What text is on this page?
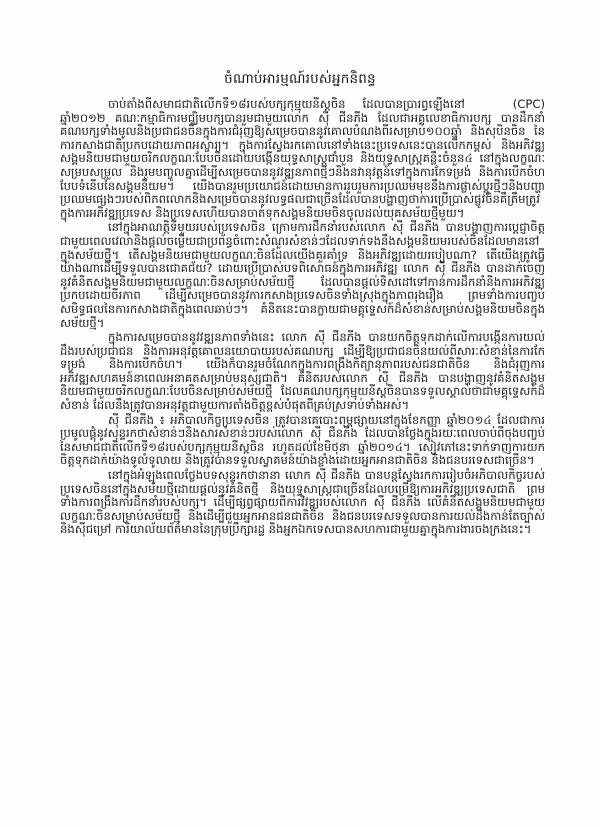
ចំណាប់អារម្មណ៍របស់អ្នកនិពន្ធ

(CPC)
ចាប់តាំងពីសមាជជាតិលើកទី១៨របស់បក្សកុម្មុយនីស្តចិន ដែលបានប្រារព្ធឡើងនៅឆ្នាំ២០១២ គណៈកម្មាធិការមជ្ឈិមបក្សបានរួមជាមួយលោក ស៊ី ជីនភីង ដែលជាអគ្គលេខាធិការបក្ស បានដឹកនាំគណបក្សទាំងមូលនិងប្រជាជនចិនក្នុងការជំរុញឱ្យសម្រេចបាននូវគោលបំណងពីរសម្រាប់១០០ឆ្នាំ និងសុបិនចិន នៃការកសាងជាតិប្រកបដោយភាពអស្ចារ្យ។ ក្នុងការស្វែងរកគោលនៅទាំងនេះប្រទេសនេះបានលើកកម្ពស់ និងអភិវឌ្ឍសង្គមនិយមជាមួយចរិកលក្ខណៈបែបចិនដោយបង្កើនយុទ្ធសាស្ត្រជាំបួន និងយុទ្ធសាស្ត្រគន្លឹះចំនួន៤ នៅក្នុងលក្ខណៈសម្របសម្រួល និងរួមបញ្ចូលគ្នាដើម្បីសម្រេចបាននូវវឌ្ឍនភាពថ្មីៗនិងនវានុវត្តន៍ទៅក្នុងការកែទម្រង់ និងការបើកចំហបែបទំនើបនៃសង្គមនិយម។ យើងបានរួមប្រយោជន៍ដោយមានការរួបរួមការប្រឈមមុខនឹងការផ្លាស់ប្តូរថ្មីៗនិងបញ្ហាប្រឈមផ្សេងៗរបស់ពិភពលោកនិងសម្រេចបាននូវលទ្ធផលជាច្រើនដែលបានបង្ហាញថាការប្រើប្រាស់ផ្លូវចិនគឺត្រឹមត្រូវក្នុងការអភិវឌ្ឍប្រទេស និងប្រទេសហើយបានចាត់ទុកសង្គមនិយមចិនចូលដល់យុគសម័យថ្មីមួយ។

នៅក្នុងអាណត្តិទីមួយរបស់ប្រទេសចិន ក្រោមការដឹកនាំរបស់លោក ស៊ី ជីនភីង បានបង្ហាញការប្តេជ្ញាចិត្តជាមួយពេលវេលានិងផ្តល់ចម្លើយជាប្រព័ន្ធចំពោះសំណួរសំខាន់ៗដែលទាក់ទងនឹងសង្គមនិយមរបស់ចិនដែលមាននៅក្នុងសម័យថ្មី។ តើសង្គមនិយមជាមួយលក្ខណៈចិនដែលយើងគួរគាំទ្រ និងអភិវឌ្ឍដោយរបៀបណា? តើយើងត្រូវធ្វើយ៉ាងណាដើម្បីទទួលបានជោគជ័យ? ដោយប្រើប្រាស់បទពិសោធន៍ក្នុងការអភិវឌ្ឍ លោក ស៊ី ជីនភីង បានដាក់ចេញនូវគំនិតសង្គមនិយមជាមួយលក្ខណៈចិនសម្រាប់សម័យថ្មី ដែលបានផ្តល់ទិសដៅទៅកាន់ការដឹកនាំនិងការអភិវឌ្ឍប្រកបដោយចីរភាព ដើម្បីសម្រេចបាននូវការកសាងប្រទេសចិនទាំងស្រុងក្នុងភាពរុងរឿង ព្រមទាំងការបញ្ចប់សមិទ្ធផលនៃការកសាងជាតិក្នុងពេលឆាប់ៗ។ គំនិតនេះបានក្លាយជាមគ្គុទ្ទេសក៍ដ៏សំខាន់សម្រាប់សង្គមនិយមចិនក្នុងសម័យថ្មី។

ក្នុងការសម្រេចបាននូវវឌ្ឍនភាពទាំងនេះ លោក ស៊ី ជីនភីង បានយកចិត្តទុកដាក់លើការបង្កើនការយល់ដឹងរបស់ប្រជាជន និងការអនុវត្តគោលនយោបាយរបស់គណបក្ស ដើម្បីឱ្យប្រជាជនចិនយល់ពីសារៈសំខាន់នៃការកែទម្រង់ និងការបើកចំហ។ យើងក៏បានរួមចំណែកក្នុងការពង្រឹងកិត្យានុភាពរបស់ជនជាតិចិន និងជំរុញការអភិវឌ្ឍសហគមន៍នាពេលអនាគតសម្រាប់មនុស្សជាតិ។ គំនិតរបស់លោក ស៊ី ជីនភីង បានបង្ហាញនូវគំនិតសង្គមនិយមជាមួយចរិកលក្ខណៈបែបចិនសម្រាប់សម័យថ្មី ដែលគណបក្សកុម្មុយនីស្តចិនបានទទួលស្គាល់ថាជាមគ្គុទ្ទេសក៍ដ៏សំខាន់ ដែលនឹងត្រូវបានអនុវត្តជាមួយការតាំងចិត្តខ្ពស់បំផុតពីគ្រប់ស្រទាប់ទាំងអស់។

ស៊ី ជីនភីង ៖ អភិបាលកិច្ចប្រទេសចិន ត្រូវបានគេបោះពុម្ពផ្សាយនៅក្នុងខែកញ្ញា ឆ្នាំ២០១៤ ដែលជាការប្រមូលផ្តុំនូវសុន្ទរកថាសំខាន់ៗនិងសារសំខាន់ៗរបស់លោក ស៊ី ជីនភីង ដែលបានថ្លែងក្នុងរយៈពេលចាប់ពីចុងបញ្ចប់នៃសមាជជាតិលើកទី១៨របស់បក្សកុម្មុយនីស្តចិន រហូតដល់ខែមិថុនា ឆ្នាំ២០១៤។ សៀវភៅនេះទាក់ទាញការយកចិត្តទុកដាក់យ៉ាងទូលំទូលាយ និងត្រូវបានទទួលស្វាគមន៍យ៉ាងខ្លាំងដោយអ្នកអានជាតិចិន និងជនបរទេសជាច្រើន។

នៅក្នុងអំឡុងពេលថ្លែងបទសុន្ទរកថានានា លោក ស៊ី ជីនភីង បានបន្តស្វែងរកការរៀបចំអភិបាលកិច្ចរបស់ប្រទេសចិននៅក្នុងសម័យថ្មីដោយផ្តល់នូវគំនិតថ្មី និងយុទ្ធសាស្ត្រជាច្រើនដែលបម្រើឱ្យការអភិវឌ្ឍប្រទេសជាតិ ព្រមទាំងការពង្រឹងការដឹកនាំរបស់បក្ស។ ដើម្បីផ្សព្វផ្សាយពីការវិវឌ្ឍរបស់លោក ស៊ី ជីនភីង លើគំនិតសង្គមនិយមជាមួយលក្ខណៈចិនសម្រាប់សម័យថ្មី និងដើម្បីជួយអ្នកអានជនជាតិចិន និងជនបរទេសទទួលបានការយល់ដឹងកាន់តែច្បាស់ និងស៊ីជម្រៅ ការិយាល័យព័ត៌មាននៃក្រុមប្រឹក្សារដ្ឋ និងអ្នកឯកទេសបានសហការជាមួយគ្នាក្នុងការងារចងក្រងនេះ។
